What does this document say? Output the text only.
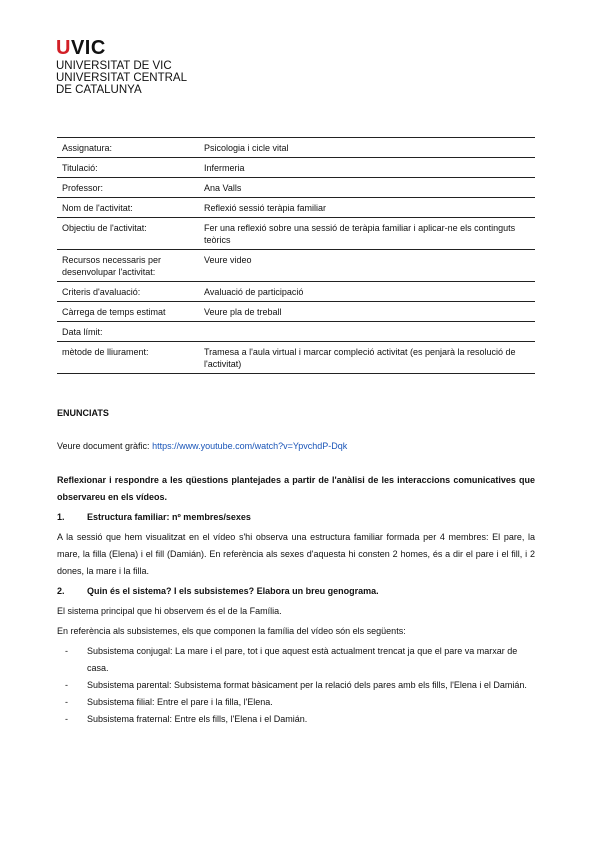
UVIC
UNIVERSITAT DE VIC
UNIVERSITAT CENTRAL
DE CATALUNYA
Assignatura:	Psicologia i cicle vital
Titulació:	Infermeria
Professor:	Ana Valls
Nom de l'activitat:	Reflexió sessió teràpia familiar
Objectiu de l'activitat:	Fer una reflexió sobre una sessió de teràpia familiar i aplicar-ne els continguts teòrics
Recursos necessaris per desenvolupar l'activitat:	Veure video
Criteris d'avaluació:	Avaluació de participació
Càrrega de temps estimat	Veure pla de treball
Data límit:	
mètode de lliurament:	Tramesa a l'aula virtual i marcar compleció activitat (es penjarà la resolució de l'activitat)
ENUNCIATS
Veure document gràfic: https://www.youtube.com/watch?v=YpvchdP-Dqk

Reflexionar i respondre a les qüestions plantejades a partir de l'anàlisi de les interaccions comunicatives que observareu en els vídeos.

1. Estructura familiar: nº membres/sexes

A la sessió que hem visualitzat en el vídeo s'hi observa una estructura familiar formada per 4 membres: El pare, la mare, la filla (Elena) i el fill (Damián). En referència als sexes d'aquesta hi consten 2 homes, és a dir el pare i el fill, i 2 dones, la mare i la filla.

2. Quin és el sistema? I els subsistemes? Elabora un breu genograma.

El sistema principal que hi observem és el de la Família.

En referència als subsistemes, els que componen la família del vídeo són els següents:

- Subsistema conjugal: La mare i el pare, tot i que aquest està actualment trencat ja que el pare va marxar de casa.
- Subsistema parental: Subsistema format bàsicament per la relació dels pares amb els fills, l'Elena i el Damián.
- Subsistema filial: Entre el pare i la filla, l'Elena.
- Subsistema fraternal: Entre els fills, l'Elena i el Damián.
